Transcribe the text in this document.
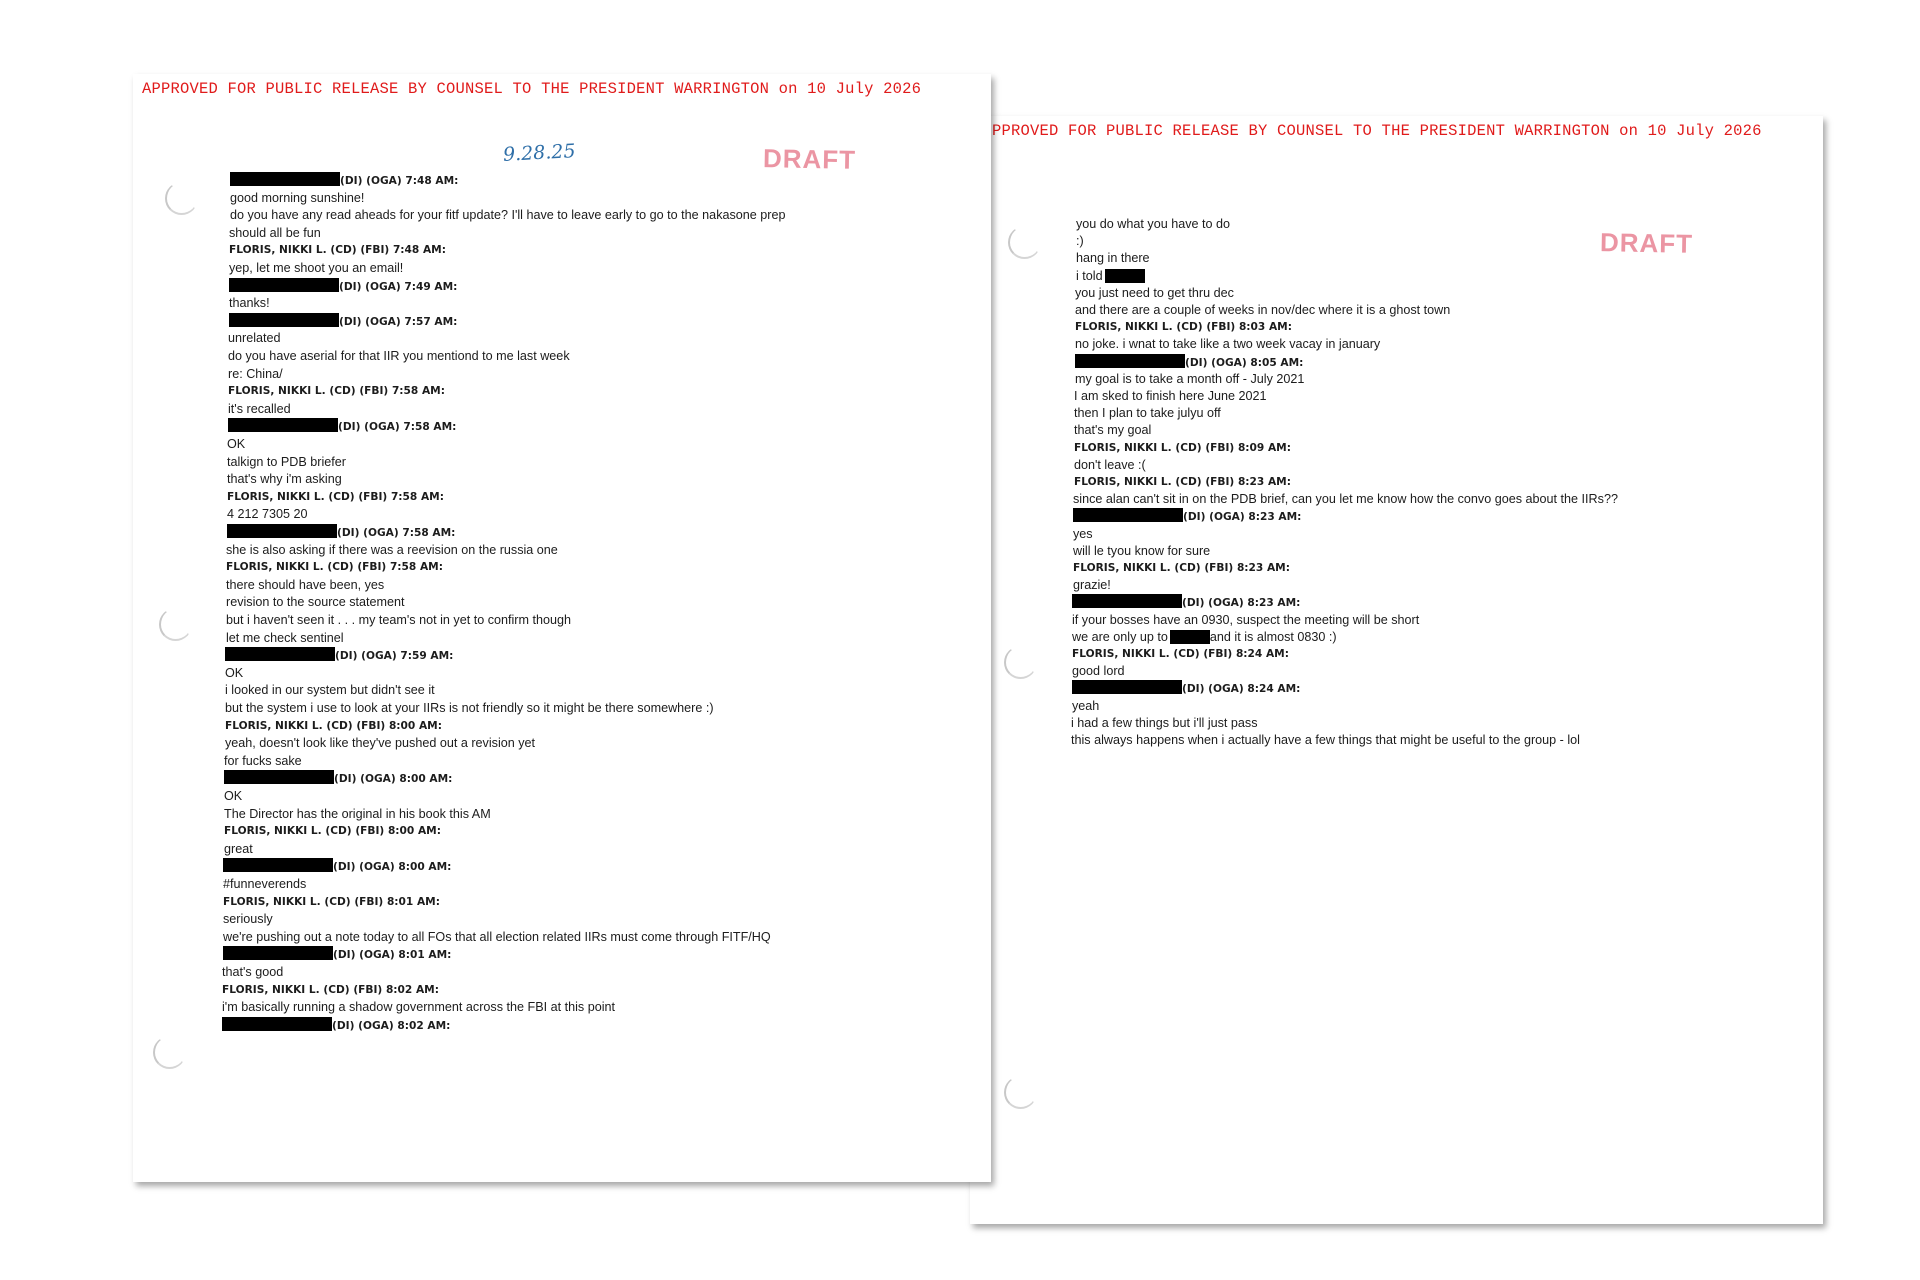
PPROVED FOR PUBLIC RELEASE BY COUNSEL TO THE PRESIDENT WARRINGTON on 10 July 2026
DRAFT
you do what you have to do
:)
hang in there
i told
you just need to get thru dec
and there are a couple of weeks in nov/dec where it is a ghost town
FLORIS, NIKKI L. (CD) (FBI) 8:03 AM:
no joke. i wnat to take like a two week vacay in january
(DI) (OGA) 8:05 AM:
my goal is to take a month off - July 2021
I am sked to finish here June 2021
then I plan to take julyu off
that's my goal
FLORIS, NIKKI L. (CD) (FBI) 8:09 AM:
don't leave :(
FLORIS, NIKKI L. (CD) (FBI) 8:23 AM:
since alan can't sit in on the PDB brief, can you let me know how the convo goes about the IIRs??
(DI) (OGA) 8:23 AM:
yes
will le tyou know for sure
FLORIS, NIKKI L. (CD) (FBI) 8:23 AM:
grazie!
(DI) (OGA) 8:23 AM:
if your bosses have an 0930, suspect the meeting will be short
we are only up to	and it is almost 0830 :)
FLORIS, NIKKI L. (CD) (FBI) 8:24 AM:
good lord
(DI) (OGA) 8:24 AM:
yeah
i had a few things but i'll just pass
this always happens when i actually have a few things that might be useful to the group - lol
APPROVED FOR PUBLIC RELEASE BY COUNSEL TO THE PRESIDENT WARRINGTON on 10 July 2026
9.28.25	DRAFT
(DI) (OGA) 7:48 AM:
good morning sunshine!
do you have any read aheads for your fitf update? I'll have to leave early to go to the nakasone prep
should all be fun
FLORIS, NIKKI L. (CD) (FBI) 7:48 AM:
yep, let me shoot you an email!
(DI) (OGA) 7:49 AM:
thanks!
(DI) (OGA) 7:57 AM:
unrelated
do you have aserial for that IIR you mentiond to me last week
re: China/
FLORIS, NIKKI L. (CD) (FBI) 7:58 AM:
it's recalled
(DI) (OGA) 7:58 AM:
OK
talkign to PDB briefer
that's why i'm asking
FLORIS, NIKKI L. (CD) (FBI) 7:58 AM:
4 212 7305 20
(DI) (OGA) 7:58 AM:
she is also asking if there was a reevision on the russia one
FLORIS, NIKKI L. (CD) (FBI) 7:58 AM:
there should have been, yes
revision to the source statement
but i haven't seen it . . . my team's not in yet to confirm though
let me check sentinel
(DI) (OGA) 7:59 AM:
OK
i looked in our system but didn't see it
but the system i use to look at your IIRs is not friendly so it might be there somewhere :)
FLORIS, NIKKI L. (CD) (FBI) 8:00 AM:
yeah, doesn't look like they've pushed out a revision yet
for fucks sake
(DI) (OGA) 8:00 AM:
OK
The Director has the original in his book this AM
FLORIS, NIKKI L. (CD) (FBI) 8:00 AM:
great
(DI) (OGA) 8:00 AM:
#funneverends
FLORIS, NIKKI L. (CD) (FBI) 8:01 AM:
seriously
we're pushing out a note today to all FOs that all election related IIRs must come through FITF/HQ
(DI) (OGA) 8:01 AM:
that's good
FLORIS, NIKKI L. (CD) (FBI) 8:02 AM:
i'm basically running a shadow government across the FBI at this point
(DI) (OGA) 8:02 AM:
